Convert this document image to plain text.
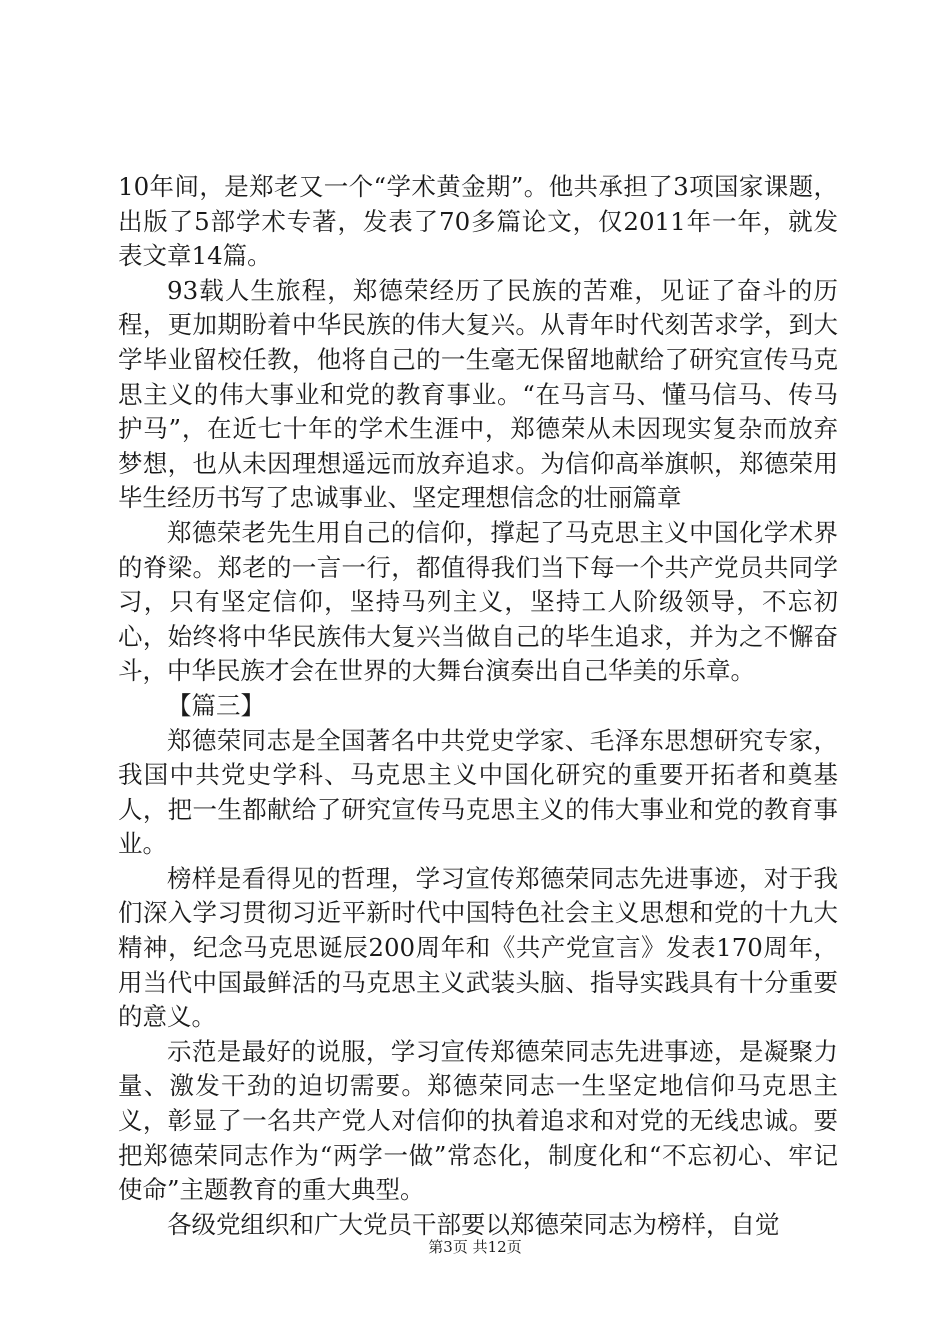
10年间，是郑老又一个“学术黄金期”。他共承担了3项国家课题，出版了5部学术专著，发表了70多篇论文，仅2011年一年，就发表文章14篇。

93载人生旅程，郑德荣经历了民族的苦难，见证了奋斗的历程，更加期盼着中华民族的伟大复兴。从青年时代刻苦求学，到大学毕业留校任教，他将自己的一生毫无保留地献给了研究宣传马克思主义的伟大事业和党的教育事业。“在马言马、懂马信马、传马护马”，在近七十年的学术生涯中，郑德荣从未因现实复杂而放弃梦想，也从未因理想遥远而放弃追求。为信仰高举旗帜，郑德荣用毕生经历书写了忠诚事业、坚定理想信念的壮丽篇章

郑德荣老先生用自己的信仰，撑起了马克思主义中国化学术界的脊梁。郑老的一言一行，都值得我们当下每一个共产党员共同学习，只有坚定信仰，坚持马列主义，坚持工人阶级领导，不忘初心，始终将中华民族伟大复兴当做自己的毕生追求，并为之不懈奋斗，中华民族才会在世界的大舞台演奏出自己华美的乐章。

【篇三】

郑德荣同志是全国著名中共党史学家、毛泽东思想研究专家，我国中共党史学科、马克思主义中国化研究的重要开拓者和奠基人，把一生都献给了研究宣传马克思主义的伟大事业和党的教育事业。

榜样是看得见的哲理，学习宣传郑德荣同志先进事迹，对于我们深入学习贯彻习近平新时代中国特色社会主义思想和党的十九大精神，纪念马克思诞辰200周年和《共产党宣言》发表170周年，用当代中国最鲜活的马克思主义武装头脑、指导实践具有十分重要的意义。

示范是最好的说服，学习宣传郑德荣同志先进事迹，是凝聚力量、激发干劲的迫切需要。郑德荣同志一生坚定地信仰马克思主义，彰显了一名共产党人对信仰的执着追求和对党的无线忠诚。要把郑德荣同志作为“两学一做”常态化，制度化和“不忘初心、牢记使命”主题教育的重大典型。

各级党组织和广大党员干部要以郑德荣同志为榜样，自觉

第3页 共12页
